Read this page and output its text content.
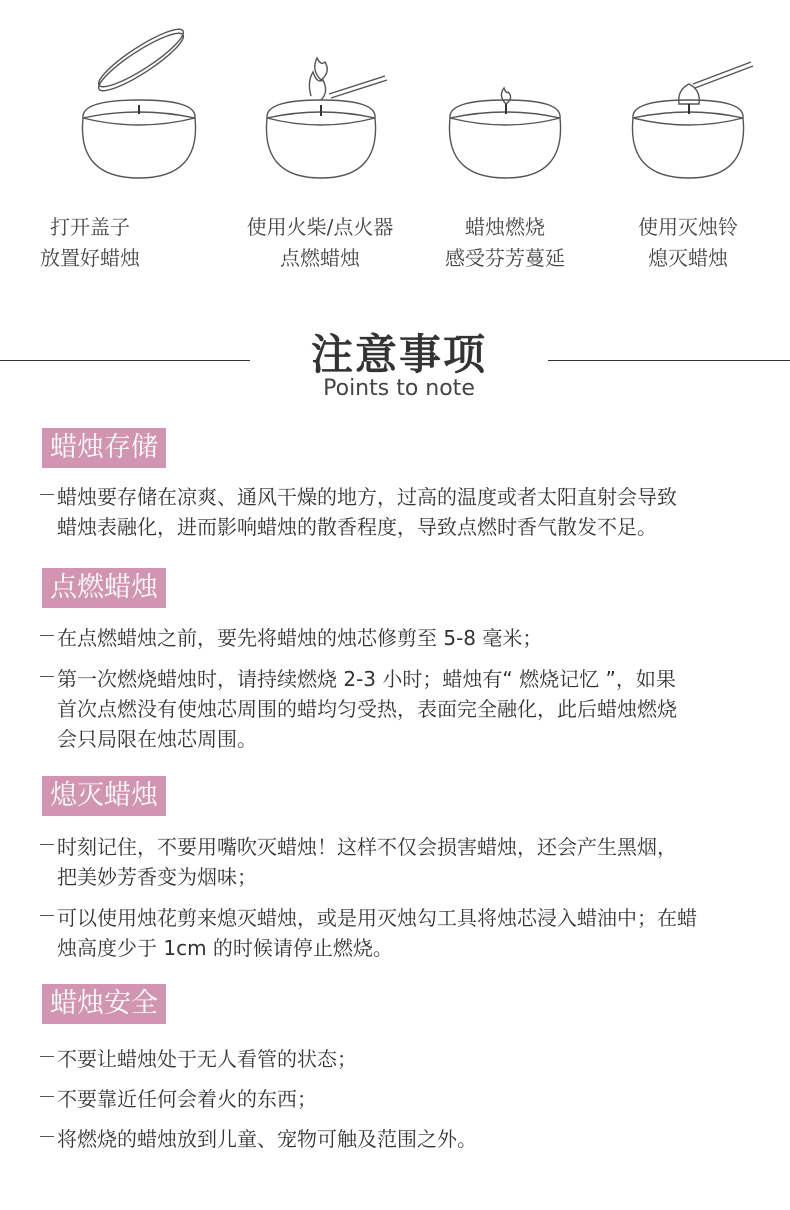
打开盖子
放置好蜡烛
使用火柴/点火器
点燃蜡烛
蜡烛燃烧
感受芬芳蔓延
使用灭烛铃
熄灭蜡烛
注意事项
Points to note
蜡烛存储
蜡烛要存储在凉爽、通风干燥的地方，过高的温度或者太阳直射会导致
蜡烛表融化，进而影响蜡烛的散香程度，导致点燃时香气散发不足。
点燃蜡烛
在点燃蜡烛之前，要先将蜡烛的烛芯修剪至 5-8 毫米；
第一次燃烧蜡烛时，请持续燃烧 2-3 小时；蜡烛有“ 燃烧记忆 ”，如果
首次点燃没有使烛芯周围的蜡均匀受热，表面完全融化，此后蜡烛燃烧
会只局限在烛芯周围。
熄灭蜡烛
时刻记住，不要用嘴吹灭蜡烛！这样不仅会损害蜡烛，还会产生黑烟，
把美妙芳香变为烟味；
可以使用烛花剪来熄灭蜡烛，或是用灭烛勾工具将烛芯浸入蜡油中；在蜡
烛高度少于 1cm 的时候请停止燃烧。
蜡烛安全
不要让蜡烛处于无人看管的状态；
不要靠近任何会着火的东西；
将燃烧的蜡烛放到儿童、宠物可触及范围之外。
